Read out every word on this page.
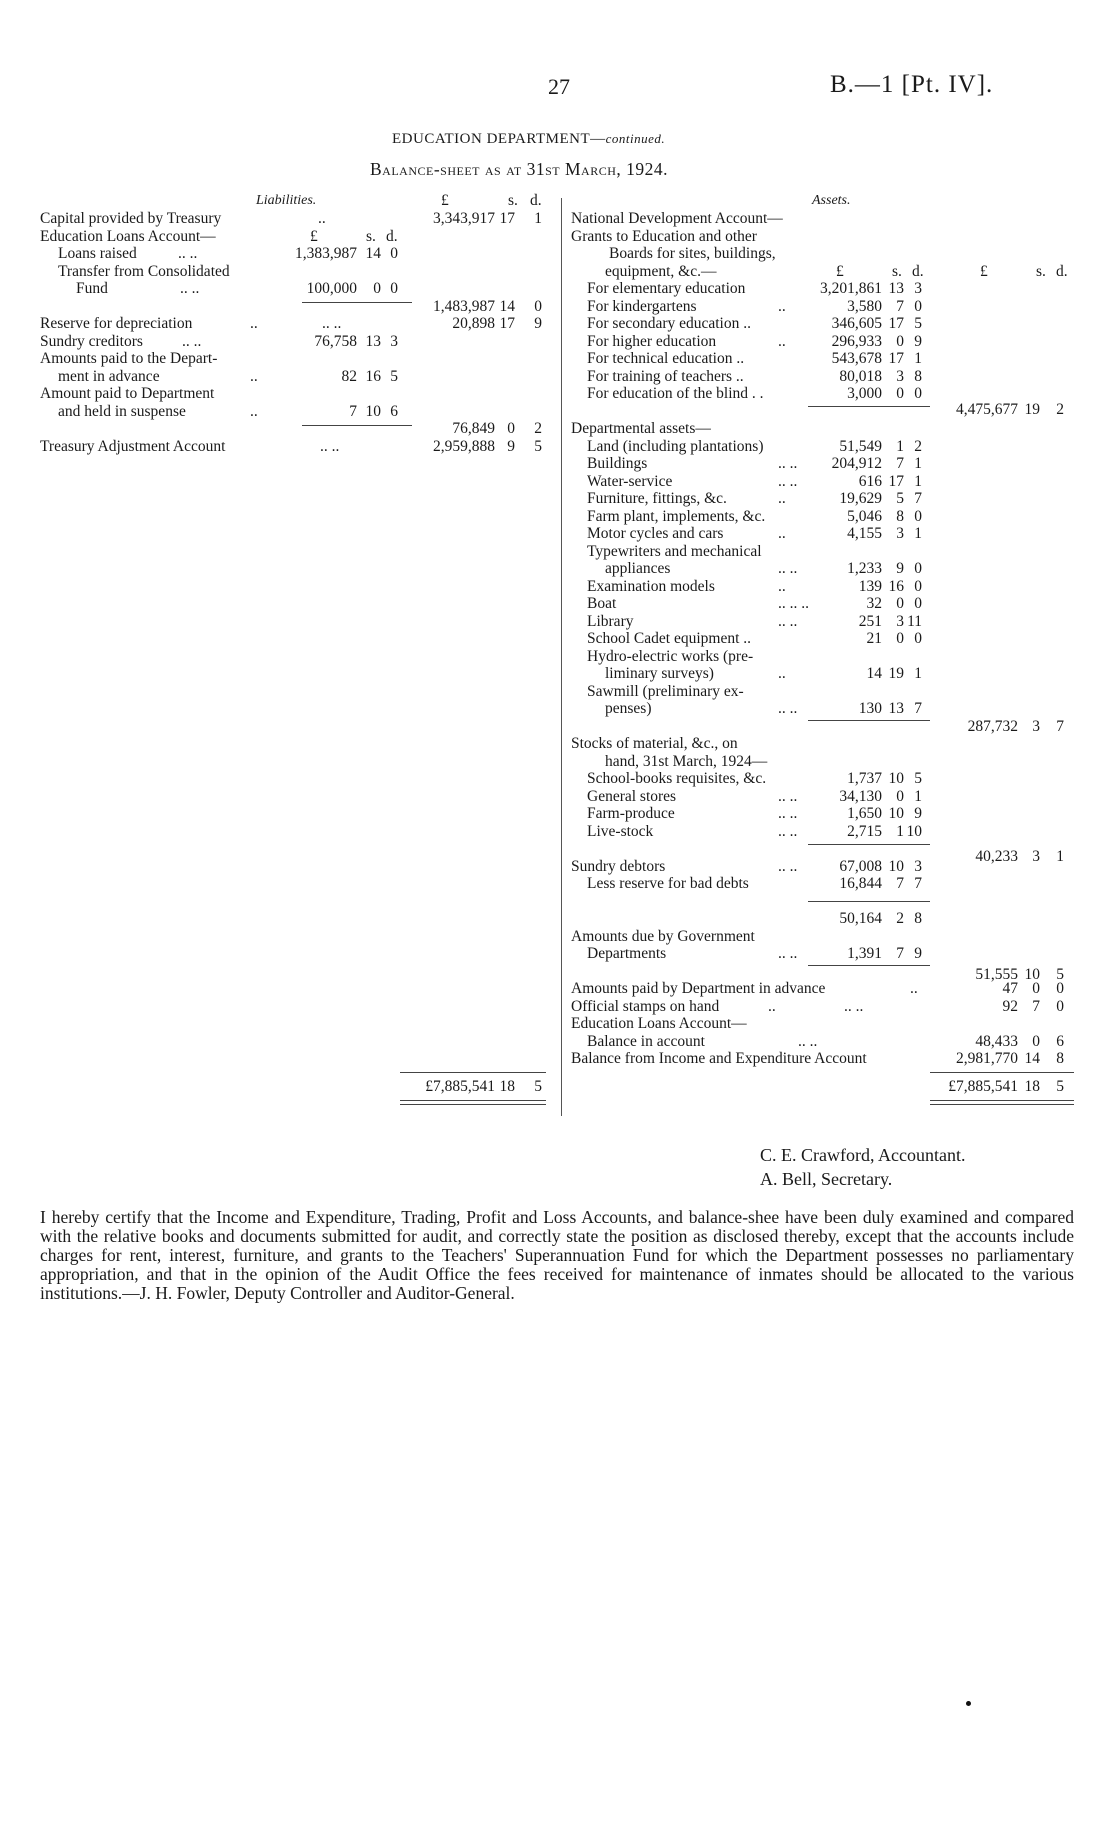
27	B.—1 [Pt. IV].
EDUCATION DEPARTMENT—continued.
Balance-sheet as at 31st March, 1924.
Liabilities.	£	s. d.
Capital provided by Treasury	..	3,343,917 17 1
Education Loans Account—	£	s. d.
Loans raised	.. ..	1,383,987 14 0
Transfer from Consolidated
Fund	.. ..	100,000 0 0
1,483,987 14 0
Reserve for depreciation	..	.. ..	20,898 17 9
Sundry creditors	.. ..	76,758 13 3
Amounts paid to the Depart-
ment in advance	..	82 16 5
Amount paid to Department
and held in suspense	..	7 10 6
76,849 0 2
Treasury Adjustment Account	.. ..	2,959,888 9 5
£7,885,541 18 5
Assets.
National Development Account—
Grants to Education and other
Boards for sites, buildings,
equipment, &c.—	£	s. d.	£	s. d.
For elementary education	3,201,861 13 3
For kindergartens	..	3,580 7 0
For secondary education ..	346,605 17 5
For higher education	..	296,933 0 9
For technical education ..	543,678 17 1
For training of teachers ..	80,018 3 8
For education of the blind . .	3,000 0 0
4,475,677 19 2
Departmental assets—
Land (including plantations)	51,549 1 2
Buildings	.. .. 204,912 7 1
Water-service	.. ..	616 17 1
Furniture, fittings, &c.	..	19,629 5 7
Farm plant, implements, &c.	5,046 8 0
Motor cycles and cars	..	4,155 3 1
Typewriters and mechanical
appliances	.. ..	1,233 9 0
Examination models	..	139 16 0
Boat	.. .. ..	32 0 0
Library	.. ..	251 3 11
School Cadet equipment ..	21 0 0
Hydro-electric works (pre-
liminary surveys)	..	14 19 1
Sawmill (preliminary ex-
penses)	.. ..	130 13 7
287,732 3 7
Stocks of material, &c., on
hand, 31st March, 1924—
School-books requisites, &c.	1,737 10 5
General stores	.. ..	34,130 0 1
Farm-produce	.. ..	1,650 10 9
Live-stock	.. ..	2,715 1 10
40,233 3 1
Sundry debtors	.. ..	67,008 10 3
Less reserve for bad debts	16,844 7 7
50,164 2 8
Amounts due by Government
Departments	.. ..	1,391 7 9
51,555 10 5
Amounts paid by Department in advance	..	47 0 0
Official stamps on hand	..	.. ..	92 7 0
Education Loans Account—
Balance in account	.. ..	48,433 0 6
Balance from Income and Expenditure Account	2,981,770 14 8
£7,885,541 18 5
C. E. Crawford, Accountant.
A. Bell, Secretary.
I hereby certify that the Income and Expenditure, Trading, Profit and Loss Accounts, and balance-shee have been duly examined and compared with the relative books and documents submitted for audit, and correctly state the position as disclosed thereby, except that the accounts include charges for rent, interest, furniture, and grants to the Teachers' Superannuation Fund for which the Department possesses no parliamentary appropriation, and that in the opinion of the Audit Office the fees received for maintenance of inmates should be allocated to the various institutions.—J. H. Fowler, Deputy Controller and Auditor-General.
